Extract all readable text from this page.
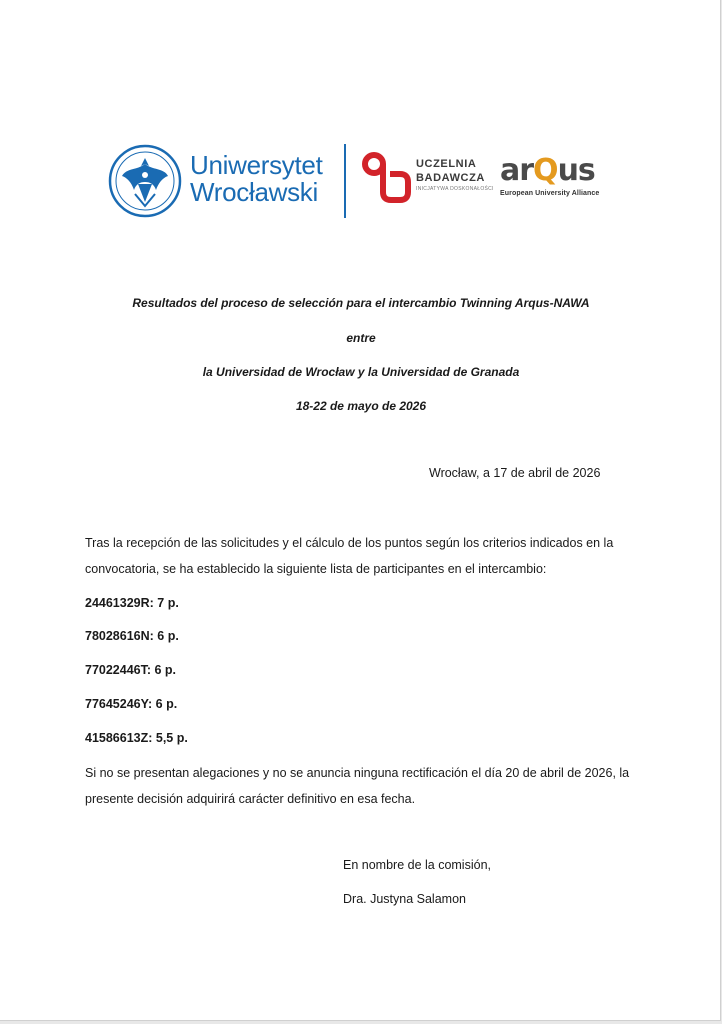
Uniwersytet
Wrocławski
UCZELNIA
BADAWCZA
INICJATYWA DOSKONAŁOŚCI
arQus
European University Alliance
Resultados del proceso de selección para el intercambio Twinning Arqus-NAWA
entre
la Universidad de Wrocław y la Universidad de Granada
18-22 de mayo de 2026
Wrocław, a 17 de abril de 2026
Tras la recepción de las solicitudes y el cálculo de los puntos según los criterios indicados en la convocatoria, se ha establecido la siguiente lista de participantes en el intercambio:
24461329R: 7 p.
78028616N: 6 p.
77022446T: 6 p.
77645246Y: 6 p.
41586613Z: 5,5 p.
Si no se presentan alegaciones y no se anuncia ninguna rectificación el día 20 de abril de 2026, la presente decisión adquirirá carácter definitivo en esa fecha.
En nombre de la comisión,
Dra. Justyna Salamon
